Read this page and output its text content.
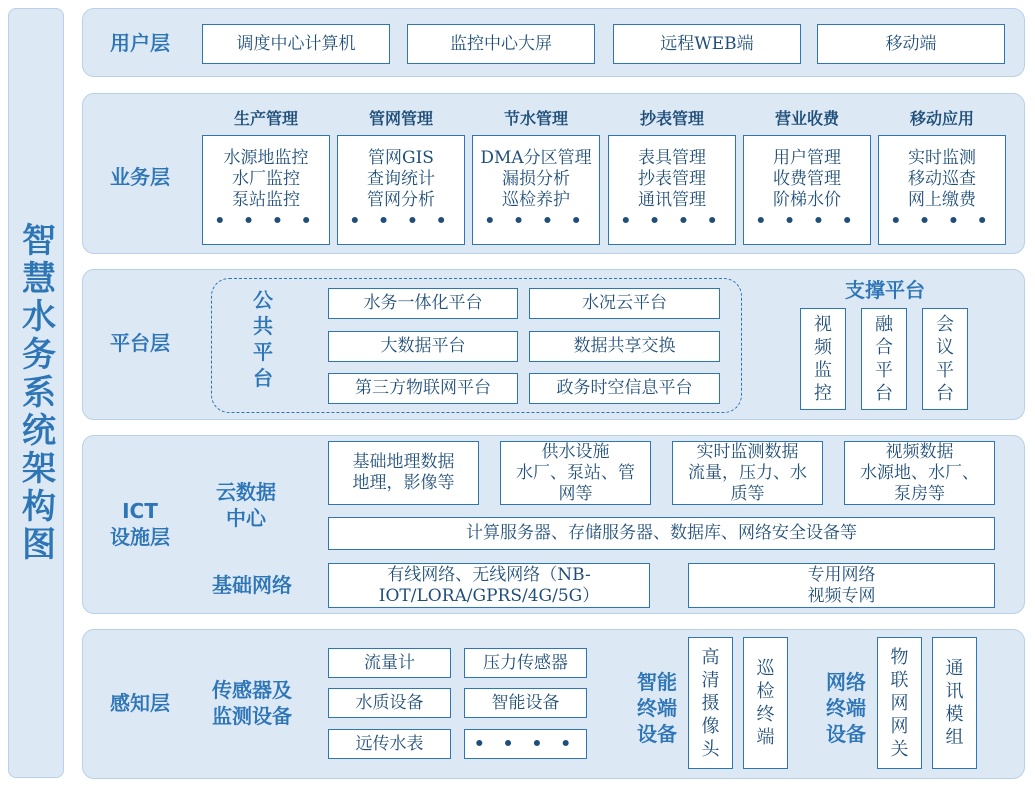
智慧水务系统架构图
用户层	调度中心计算机	监控中心大屏	远程WEB端	移动端
业务层
生产管理
水源地监控
水厂监控
泵站监控
• • • •
管网管理
管网GIS
查询统计
管网分析
• • • •
节水管理
DMA分区管理
漏损分析
巡检养护
• • • •
抄表管理
表具管理
抄表管理
通讯管理
• • • •
营业收费
用户管理
收费管理
阶梯水价
• • • •
移动应用
实时监测
移动巡查
网上缴费
• • • •
平台层
公
共
平
台
水务一体化平台	水况云平台
大数据平台	数据共享交换
第三方物联网平台	政务时空信息平台
支撑平台
视
频
监
控
融
合
平
台
会
议
平
台
ICT
设施层
云数据
中心
基础地理数据
地理，影像等
供水设施
水厂、泵站、管
网等
实时监测数据
流量，压力、水
质等
视频数据
水源地、水厂、
泵房等
计算服务器、存储服务器、数据库、网络安全设备等
基础网络	有线网络、无线网络（NB-
IOT/LORA/GPRS/4G/5G）
专用网络
视频专网
感知层
传感器及
监测设备
流量计	压力传感器
水质设备	智能设备
远传水表	• • • •
智能
终端
设备
高
清
摄
像
头
巡
检
终
端
网络
终端
设备
物
联
网
网
关
通
讯
模
组
